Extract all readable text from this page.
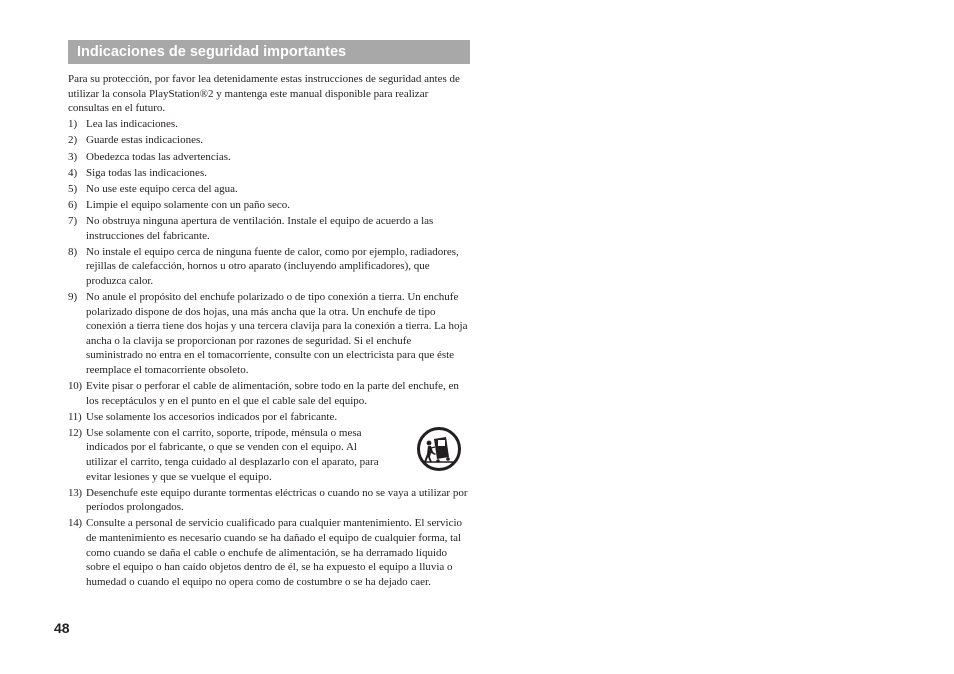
Indicaciones de seguridad importantes

Para su protección, por favor lea detenidamente estas instrucciones de seguridad antes de utilizar la consola PlayStation®2 y mantenga este manual disponible para realizar consultas en el futuro.

1) Lea las indicaciones.
2) Guarde estas indicaciones.
3) Obedezca todas las advertencias.
4) Siga todas las indicaciones.
5) No use este equipo cerca del agua.
6) Limpie el equipo solamente con un paño seco.
7) No obstruya ninguna apertura de ventilación. Instale el equipo de acuerdo a las instrucciones del fabricante.
8) No instale el equipo cerca de ninguna fuente de calor, como por ejemplo, radiadores, rejillas de calefacción, hornos u otro aparato (incluyendo amplificadores), que produzca calor.
9) No anule el propósito del enchufe polarizado o de tipo conexión a tierra. Un enchufe polarizado dispone de dos hojas, una más ancha que la otra. Un enchufe de tipo conexión a tierra tiene dos hojas y una tercera clavija para la conexión a tierra. La hoja ancha o la clavija se proporcionan por razones de seguridad. Si el enchufe suministrado no entra en el tomacorriente, consulte con un electricista para que éste reemplace el tomacorriente obsoleto.
10) Evite pisar o perforar el cable de alimentación, sobre todo en la parte del enchufe, en los receptáculos y en el punto en el que el cable sale del equipo.
11) Use solamente los accesorios indicados por el fabricante.
12) Use solamente con el carrito, soporte, trípode, ménsula o mesa indicados por el fabricante, o que se venden con el equipo. Al utilizar el carrito, tenga cuidado al desplazarlo con el aparato, para evitar lesiones y que se vuelque el equipo.
13) Desenchufe este equipo durante tormentas eléctricas o cuando no se vaya a utilizar por períodos prolongados.
14) Consulte a personal de servicio cualificado para cualquier mantenimiento. El servicio de mantenimiento es necesario cuando se ha dañado el equipo de cualquier forma, tal como cuando se daña el cable o enchufe de alimentación, se ha derramado líquido sobre el equipo o han caído objetos dentro de él, se ha expuesto el equipo a lluvia o humedad o cuando el equipo no opera como de costumbre o se ha dejado caer.
48
